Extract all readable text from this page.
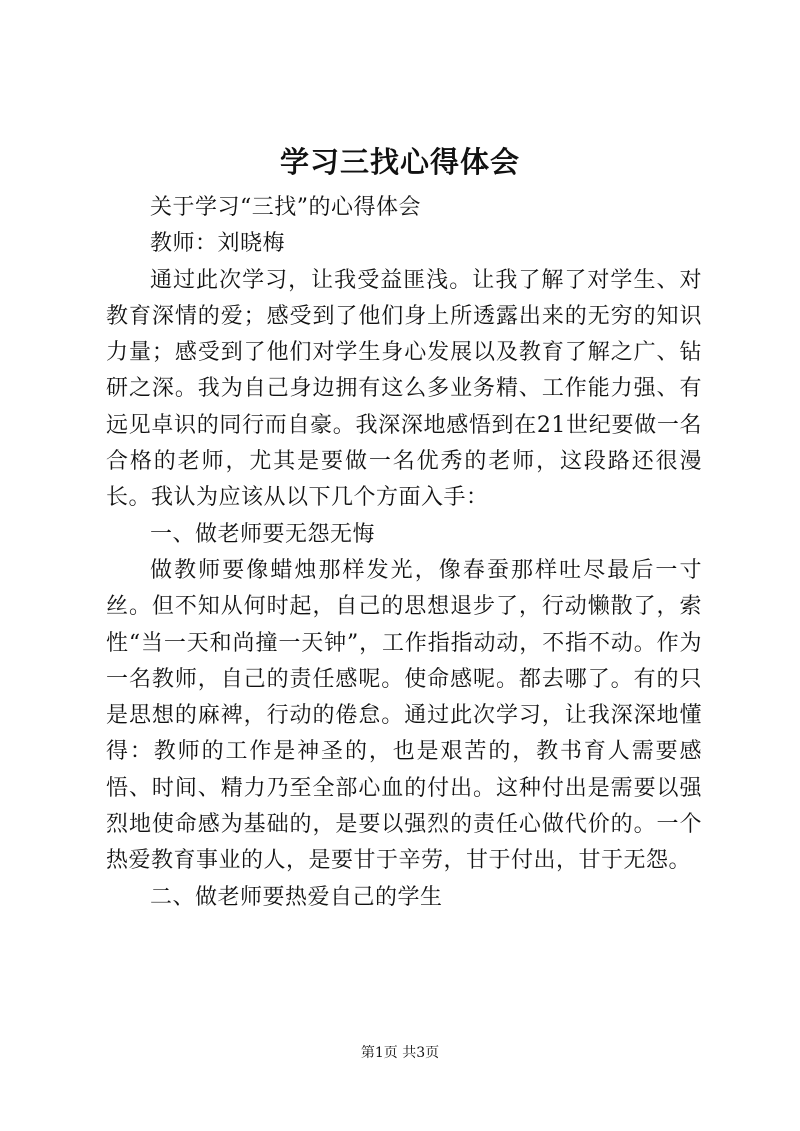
学习三找心得体会

关于学习“三找”的心得体会

教师：刘晓梅

通过此次学习，让我受益匪浅。让我了解了对学生、对教育深情的爱；感受到了他们身上所透露出来的无穷的知识力量；感受到了他们对学生身心发展以及教育了解之广、钻研之深。我为自己身边拥有这么多业务精、工作能力强、有远见卓识的同行而自豪。我深深地感悟到在21世纪要做一名合格的老师，尤其是要做一名优秀的老师，这段路还很漫长。我认为应该从以下几个方面入手：

一、做老师要无怨无悔

做教师要像蜡烛那样发光，像春蚕那样吐尽最后一寸丝。但不知从何时起，自己的思想退步了，行动懒散了，索性“当一天和尚撞一天钟”，工作指指动动，不指不动。作为一名教师，自己的责任感呢。使命感呢。都去哪了。有的只是思想的麻裨，行动的倦怠。通过此次学习，让我深深地懂得：教师的工作是神圣的，也是艰苦的，教书育人需要感悟、时间、精力乃至全部心血的付出。这种付出是需要以强烈地使命感为基础的，是要以强烈的责任心做代价的。一个热爱教育事业的人，是要甘于辛劳，甘于付出，甘于无怨。

二、做老师要热爱自己的学生

第1页 共3页
